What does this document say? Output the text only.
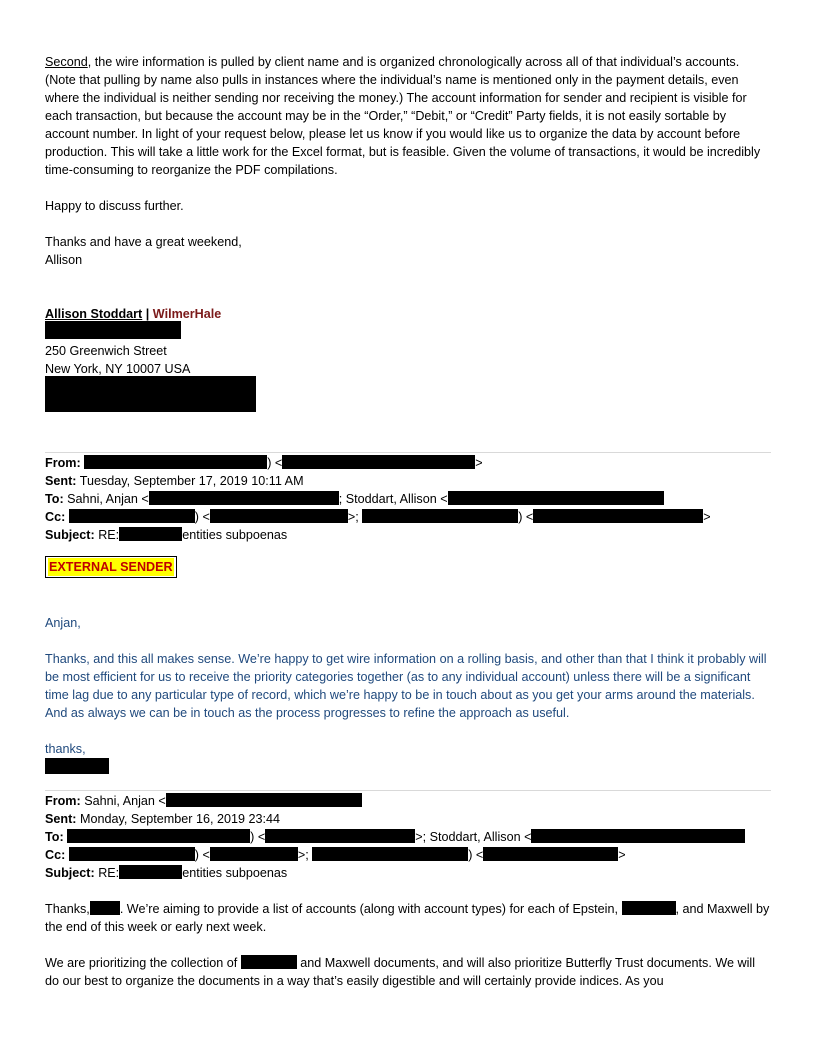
Second, the wire information is pulled by client name and is organized chronologically across all of that individual’s accounts. (Note that pulling by name also pulls in instances where the individual’s name is mentioned only in the payment details, even where the individual is neither sending nor receiving the money.) The account information for sender and recipient is visible for each transaction, but because the account may be in the “Order,” “Debit,” or “Credit” Party fields, it is not easily sortable by account number. In light of your request below, please let us know if you would like us to organize the data by account before production. This will take a little work for the Excel format, but is feasible. Given the volume of transactions, it would be incredibly time-consuming to reorganize the PDF compilations.

Happy to discuss further.

Thanks and have a great weekend,

Allison

Allison Stoddart | WilmerHale

250 Greenwich Street

New York, NY 10007 USA

From:	) <	>

Sent: Tuesday, September 17, 2019 10:11 AM

To: Sahni, Anjan <	; Stoddart, Allison <

Cc:	) <	>;	) <	>

Subject: RE:	entities subpoenas

EXTERNAL SENDER

Anjan,

Thanks, and this all makes sense. We’re happy to get wire information on a rolling basis, and other than that I think it probably will be most efficient for us to receive the priority categories together (as to any individual account) unless there will be a significant time lag due to any particular type of record, which we’re happy to be in touch about as you get your arms around the materials. And as always we can be in touch as the process progresses to refine the approach as useful.

thanks,

From: Sahni, Anjan <

Sent: Monday, September 16, 2019 23:44

To:	) <	>; Stoddart, Allison <

Cc:	) <	>;	) <	>

Subject: RE:	entities subpoenas

Thanks, . We’re aiming to provide a list of accounts (along with account types) for each of Epstein,	, and Maxwell by the end of this week or early next week.

We are prioritizing the collection of	and Maxwell documents, and will also prioritize Butterfly Trust documents. We will do our best to organize the documents in a way that’s easily digestible and will certainly provide indices. As you
